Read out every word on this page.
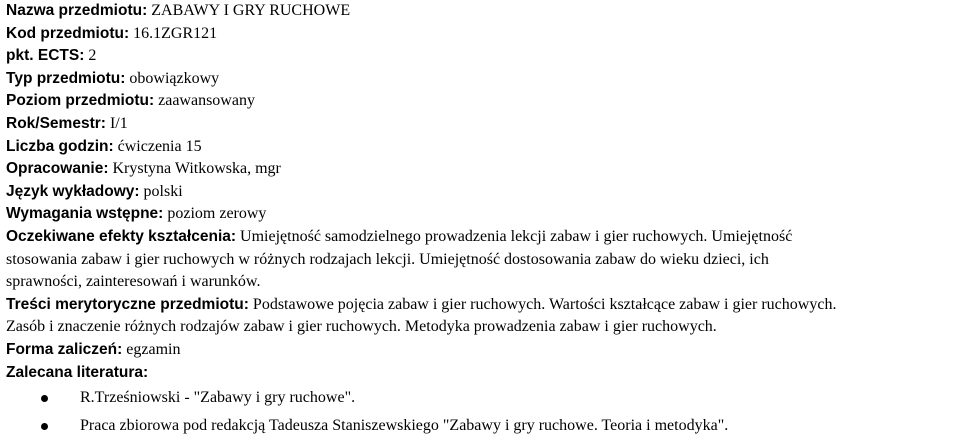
Nazwa przedmiotu: ZABAWY I GRY RUCHOWE
Kod przedmiotu: 16.1ZGR121
pkt. ECTS: 2
Typ przedmiotu: obowiązkowy
Poziom przedmiotu: zaawansowany
Rok/Semestr: I/1
Liczba godzin: ćwiczenia 15
Opracowanie: Krystyna Witkowska, mgr
Język wykładowy: polski
Wymagania wstępne: poziom zerowy
Oczekiwane efekty kształcenia: Umiejętność samodzielnego prowadzenia lekcji zabaw i gier ruchowych. Umiejętność
stosowania zabaw i gier ruchowych w różnych rodzajach lekcji. Umiejętność dostosowania zabaw do wieku dzieci, ich
sprawności, zainteresowań i warunków.
Treści merytoryczne przedmiotu: Podstawowe pojęcia zabaw i gier ruchowych. Wartości kształcące zabaw i gier ruchowych.
Zasób i znaczenie różnych rodzajów zabaw i gier ruchowych. Metodyka prowadzenia zabaw i gier ruchowych.
Forma zaliczeń: egzamin
Zalecana literatura:
R.Trześniowski - "Zabawy i gry ruchowe".
Praca zbiorowa pod redakcją Tadeusza Staniszewskiego "Zabawy i gry ruchowe. Teoria i metodyka".
